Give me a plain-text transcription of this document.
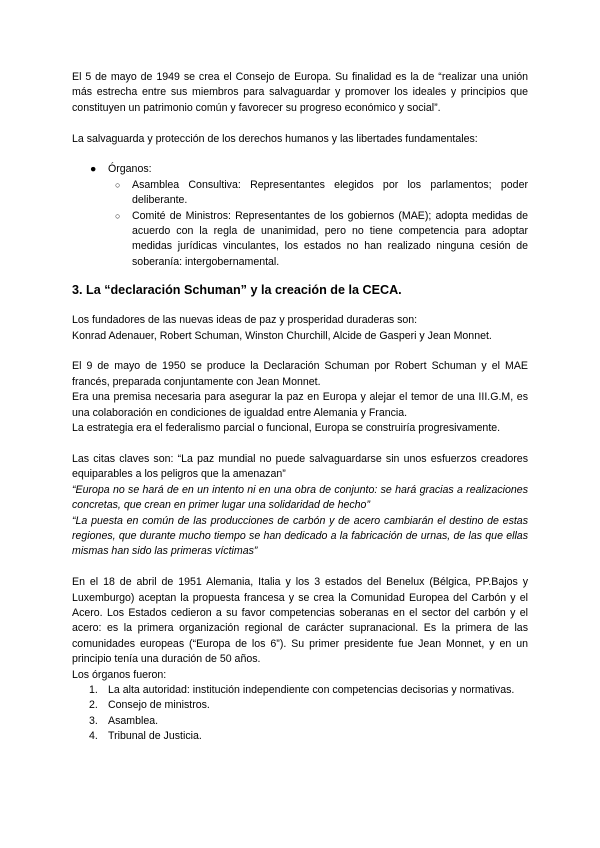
El 5 de mayo de 1949 se crea el Consejo de Europa. Su finalidad es la de “realizar una unión más estrecha entre sus miembros para salvaguardar y promover los ideales y principios que constituyen un patrimonio común y favorecer su progreso económico y social”.

La salvaguarda y protección de los derechos humanos y las libertades fundamentales:

● Órganos:
○ Asamblea Consultiva: Representantes elegidos por los parlamentos; poder deliberante.
○ Comité de Ministros: Representantes de los gobiernos (MAE); adopta medidas de acuerdo con la regla de unanimidad, pero no tiene competencia para adoptar medidas jurídicas vinculantes, los estados no han realizado ninguna cesión de soberanía: intergobernamental.
3. La “declaración Schuman” y la creación de la CECA.

Los fundadores de las nuevas ideas de paz y prosperidad duraderas son:

Konrad Adenauer, Robert Schuman, Winston Churchill, Alcide de Gasperi y Jean Monnet.

El 9 de mayo de 1950 se produce la Declaración Schuman por Robert Schuman y el MAE francés, preparada conjuntamente con Jean Monnet.

Era una premisa necesaria para asegurar la paz en Europa y alejar el temor de una III.G.M, es una colaboración en condiciones de igualdad entre Alemania y Francia.

La estrategia era el federalismo parcial o funcional, Europa se construiría progresivamente.

Las citas claves son: “La paz mundial no puede salvaguardarse sin unos esfuerzos creadores equiparables a los peligros que la amenazan”

“Europa no se hará de en un intento ni en una obra de conjunto: se hará gracias a realizaciones concretas, que crean en primer lugar una solidaridad de hecho”

“La puesta en común de las producciones de carbón y de acero cambiarán el destino de estas regiones, que durante mucho tiempo se han dedicado a la fabricación de urnas, de las que ellas mismas han sido las primeras víctimas”

En el 18 de abril de 1951 Alemania, Italia y los 3 estados del Benelux (Bélgica, PP.Bajos y Luxemburgo) aceptan la propuesta francesa y se crea la Comunidad Europea del Carbón y el Acero. Los Estados cedieron a su favor competencias soberanas en el sector del carbón y el acero: es la primera organización regional de carácter supranacional. Es la primera de las comunidades europeas (“Europa de los 6”). Su primer presidente fue Jean Monnet, y en un principio tenía una duración de 50 años.

Los órganos fueron:

1. La alta autoridad: institución independiente con competencias decisorias y normativas.
2. Consejo de ministros.
3. Asamblea.
4. Tribunal de Justicia.
